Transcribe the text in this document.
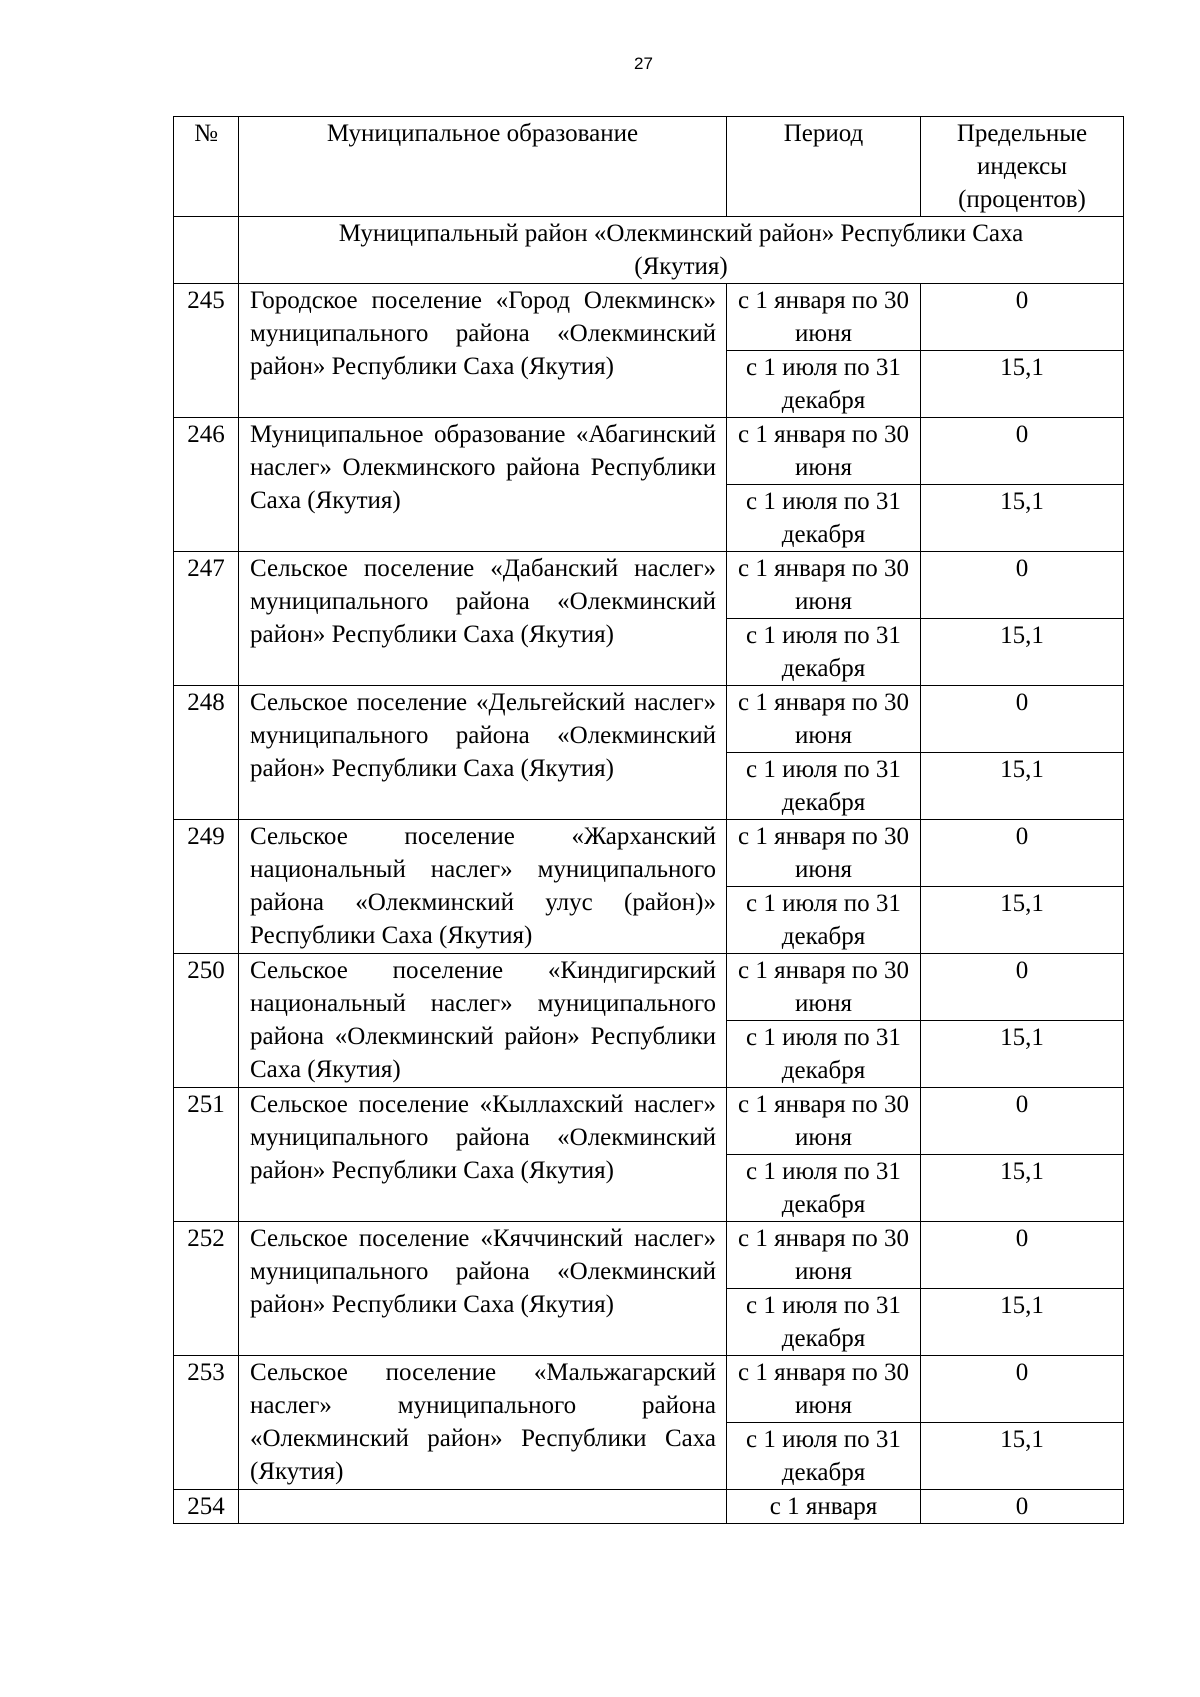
27
№	Муниципальное образование	Период	Предельные индексы (процентов)
	Муниципальный район «Олекминский район» Республики Саха (Якутия)		
245	Городское поселение «Город Олекминск» муниципального района «Олекминский район» Республики Саха (Якутия)	с 1 января по 30 июня	0
		с 1 июля по 31 декабря	15,1
246	Муниципальное образование «Абагинский наслег» Олекминского района Республики Саха (Якутия)	с 1 января по 30 июня	0
		с 1 июля по 31 декабря	15,1
247	Сельское поселение «Дабанский наслег» муниципального района «Олекминский район» Республики Саха (Якутия)	с 1 января по 30 июня	0
		с 1 июля по 31 декабря	15,1
248	Сельское поселение «Дельгейский наслег» муниципального района «Олекминский район» Республики Саха (Якутия)	с 1 января по 30 июня	0
		с 1 июля по 31 декабря	15,1
249	Сельское поселение «Жарханский национальный наслег» муниципального района «Олекминский улус (район)» Республики Саха (Якутия)	с 1 января по 30 июня	0
		с 1 июля по 31 декабря	15,1
250	Сельское поселение «Киндигирский национальный наслег» муниципального района «Олекминский район» Республики Саха (Якутия)	с 1 января по 30 июня	0
		с 1 июля по 31 декабря	15,1
251	Сельское поселение «Кыллахский наслег» муниципального района «Олекминский район» Республики Саха (Якутия)	с 1 января по 30 июня	0
		с 1 июля по 31 декабря	15,1
252	Сельское поселение «Кяччинский наслег» муниципального района «Олекминский район» Республики Саха (Якутия)	с 1 января по 30 июня	0
		с 1 июля по 31 декабря	15,1
253	Сельское поселение «Мальжагарский наслег» муниципального района «Олекминский район» Республики Саха (Якутия)	с 1 января по 30 июня	0
		с 1 июля по 31 декабря	15,1
254		с 1 января	0
